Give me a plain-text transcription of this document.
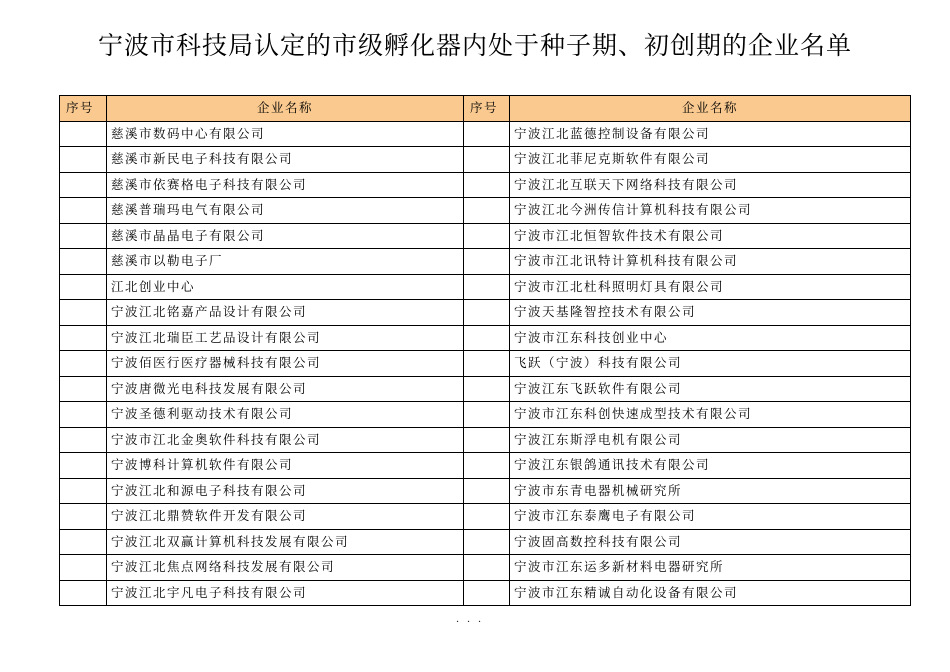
宁波市科技局认定的市级孵化器内处于种子期、初创期的企业名单
序号	企业名称	序号	企业名称
	慈溪市数码中心有限公司		宁波江北蓝德控制设备有限公司
	慈溪市新民电子科技有限公司		宁波江北菲尼克斯软件有限公司
	慈溪市依赛格电子科技有限公司		宁波江北互联天下网络科技有限公司
	慈溪普瑞玛电气有限公司		宁波江北今洲传信计算机科技有限公司
	慈溪市晶晶电子有限公司		宁波市江北恒智软件技术有限公司
	慈溪市以勒电子厂		宁波市江北讯特计算机科技有限公司
	江北创业中心		宁波市江北杜科照明灯具有限公司
	宁波江北铭嘉产品设计有限公司		宁波天基隆智控技术有限公司
	宁波江北瑞臣工艺品设计有限公司		宁波市江东科技创业中心
	宁波佰医行医疗器械科技有限公司		飞跃（宁波）科技有限公司
	宁波唐微光电科技发展有限公司		宁波江东飞跃软件有限公司
	宁波圣德利驱动技术有限公司		宁波市江东科创快速成型技术有限公司
	宁波市江北金奥软件科技有限公司		宁波江东斯浮电机有限公司
	宁波博科计算机软件有限公司		宁波江东银鸽通讯技术有限公司
	宁波江北和源电子科技有限公司		宁波市东青电器机械研究所
	宁波江北鼎赞软件开发有限公司		宁波市江东泰鹰电子有限公司
	宁波江北双赢计算机科技发展有限公司		宁波固高数控科技有限公司
	宁波江北焦点网络科技发展有限公司		宁波市江东运多新材料电器研究所
	宁波江北宇凡电子科技有限公司		宁波市江东精诚自动化设备有限公司
．．．
